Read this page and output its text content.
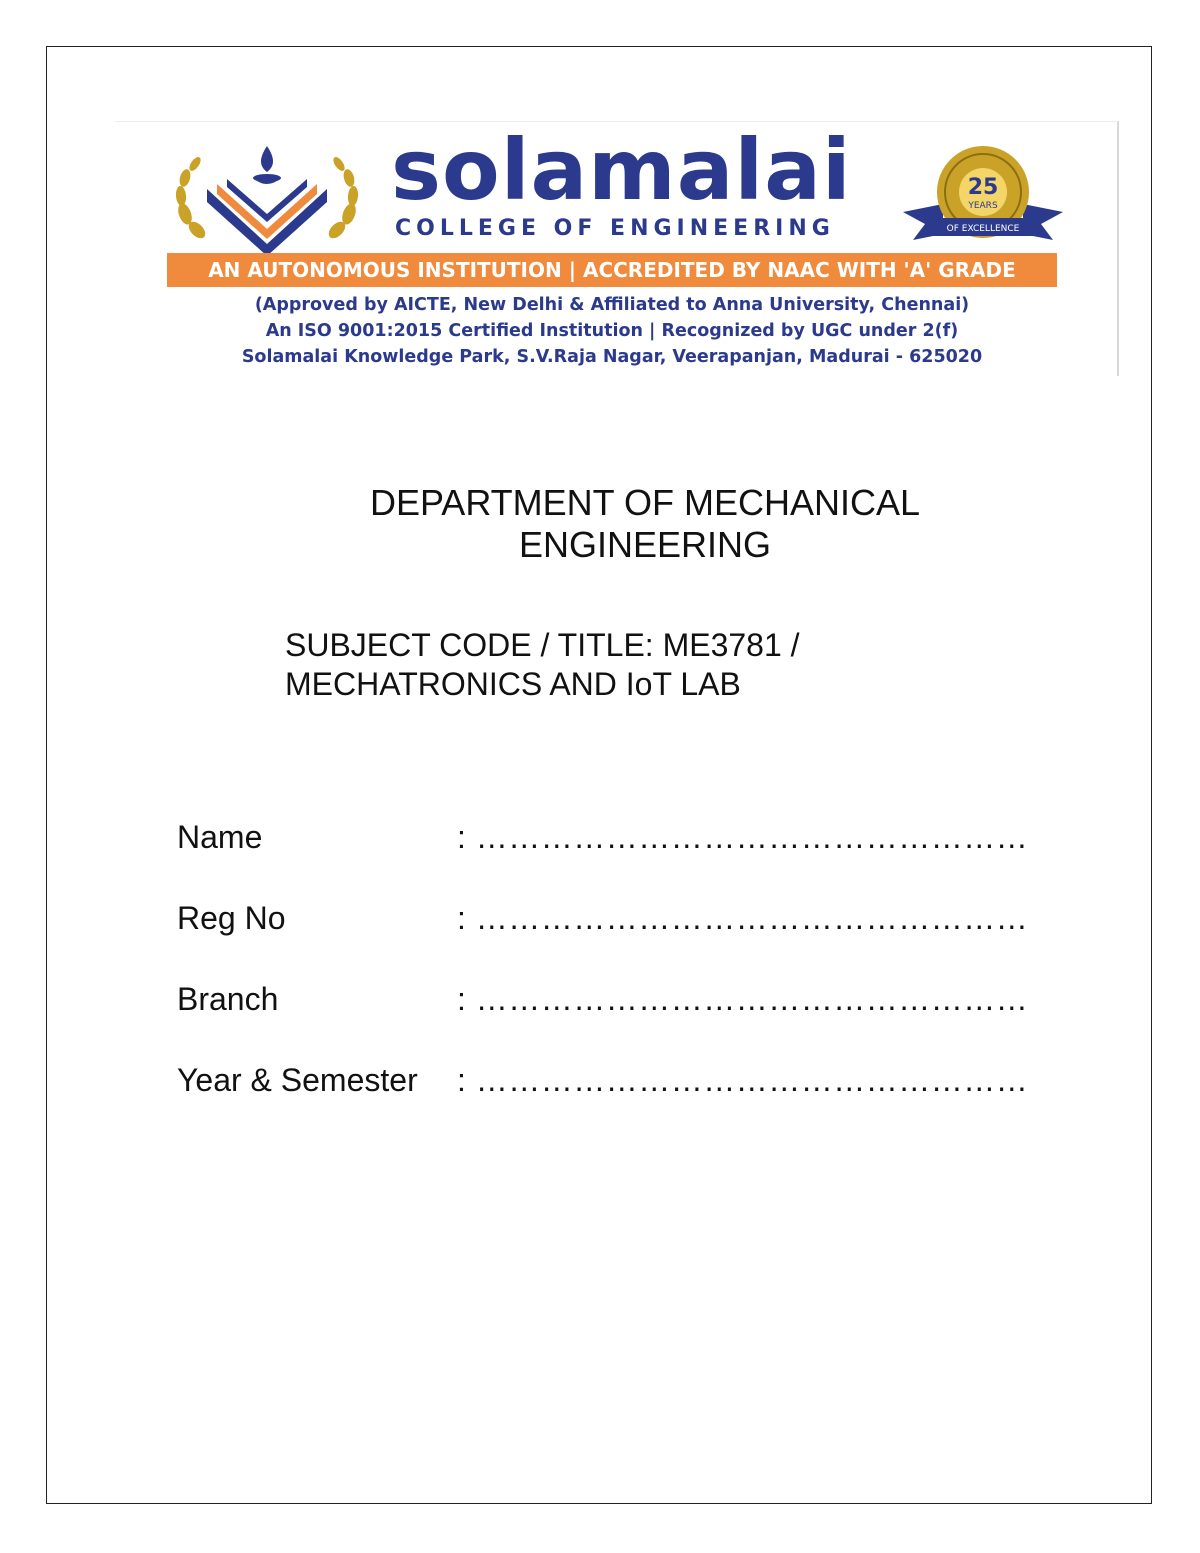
solamalai
COLLEGE OF ENGINEERING
25
YEARS
OF EXCELLENCE
AN AUTONOMOUS INSTITUTION | ACCREDITED BY NAAC WITH 'A' GRADE
(Approved by AICTE, New Delhi & Affiliated to Anna University, Chennai)
An ISO 9001:2015 Certified Institution | Recognized by UGC under 2(f)
Solamalai Knowledge Park, S.V.Raja Nagar, Veerapanjan, Madurai - 625020
DEPARTMENT OF MECHANICAL
ENGINEERING
SUBJECT CODE / TITLE: ME3781 /
MECHATRONICS AND IoT LAB
Name	: ……………………………………………
Reg No	: ……………………………………………
Branch	: ……………………………………………
Year & Semester : ……………………………………………
